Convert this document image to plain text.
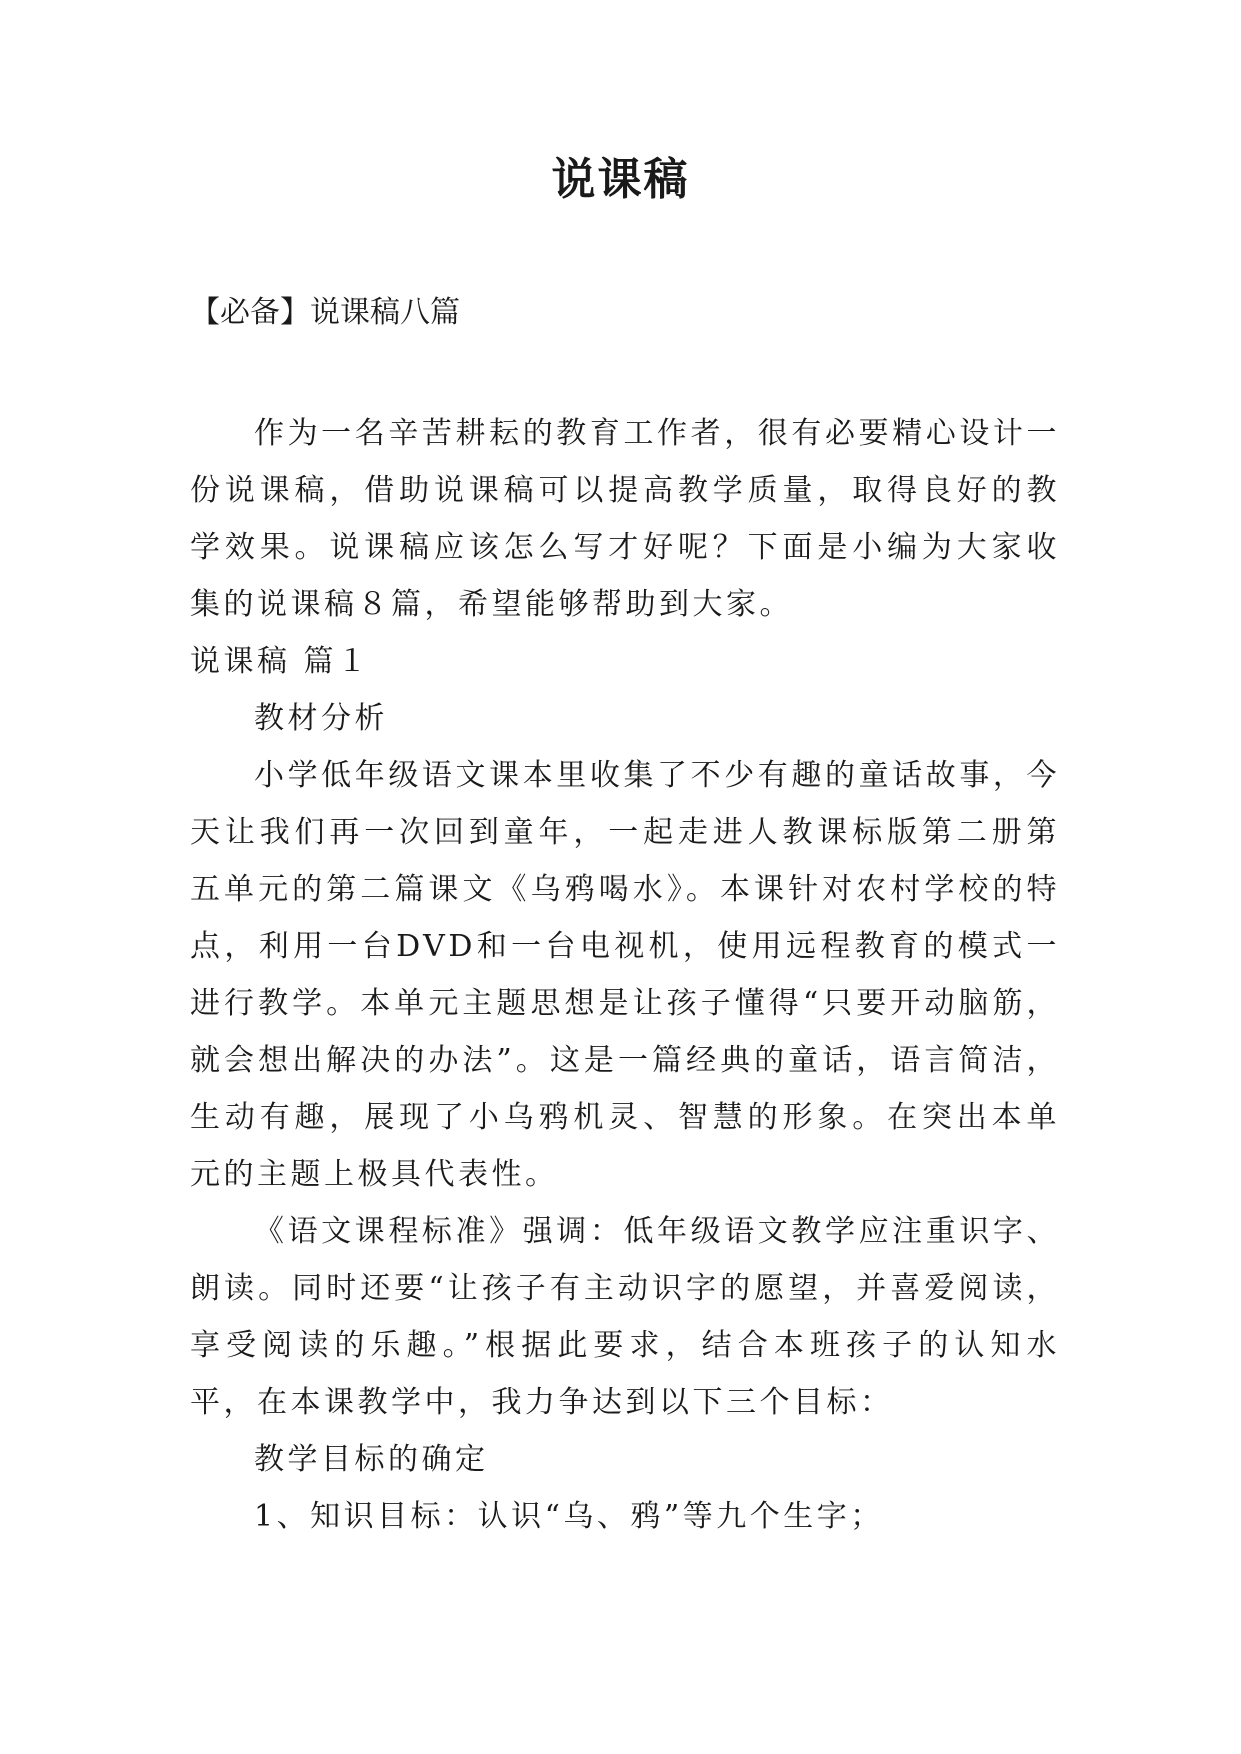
说课稿
【必备】说课稿八篇

作为一名辛苦耕耘的教育工作者，很有必要精心设计一份说课稿，借助说课稿可以提高教学质量，取得良好的教学效果。说课稿应该怎么写才好呢？下面是小编为大家收集的说课稿８篇，希望能够帮助到大家。

说课稿 篇１

教材分析

小学低年级语文课本里收集了不少有趣的童话故事，今天让我们再一次回到童年，一起走进人教课标版第二册第五单元的第二篇课文《乌鸦喝水》。本课针对农村学校的特点，利用一台DVD和一台电视机，使用远程教育的模式一进行教学。本单元主题思想是让孩子懂得“只要开动脑筋，就会想出解决的办法”。这是一篇经典的童话，语言简洁，生动有趣，展现了小乌鸦机灵、智慧的形象。在突出本单元的主题上极具代表性。

《语文课程标准》强调：低年级语文教学应注重识字、朗读。同时还要“让孩子有主动识字的愿望，并喜爱阅读，享受阅读的乐趣。”根据此要求，结合本班孩子的认知水平，在本课教学中，我力争达到以下三个目标：

教学目标的确定

1、知识目标：认识“乌、鸦”等九个生字；
